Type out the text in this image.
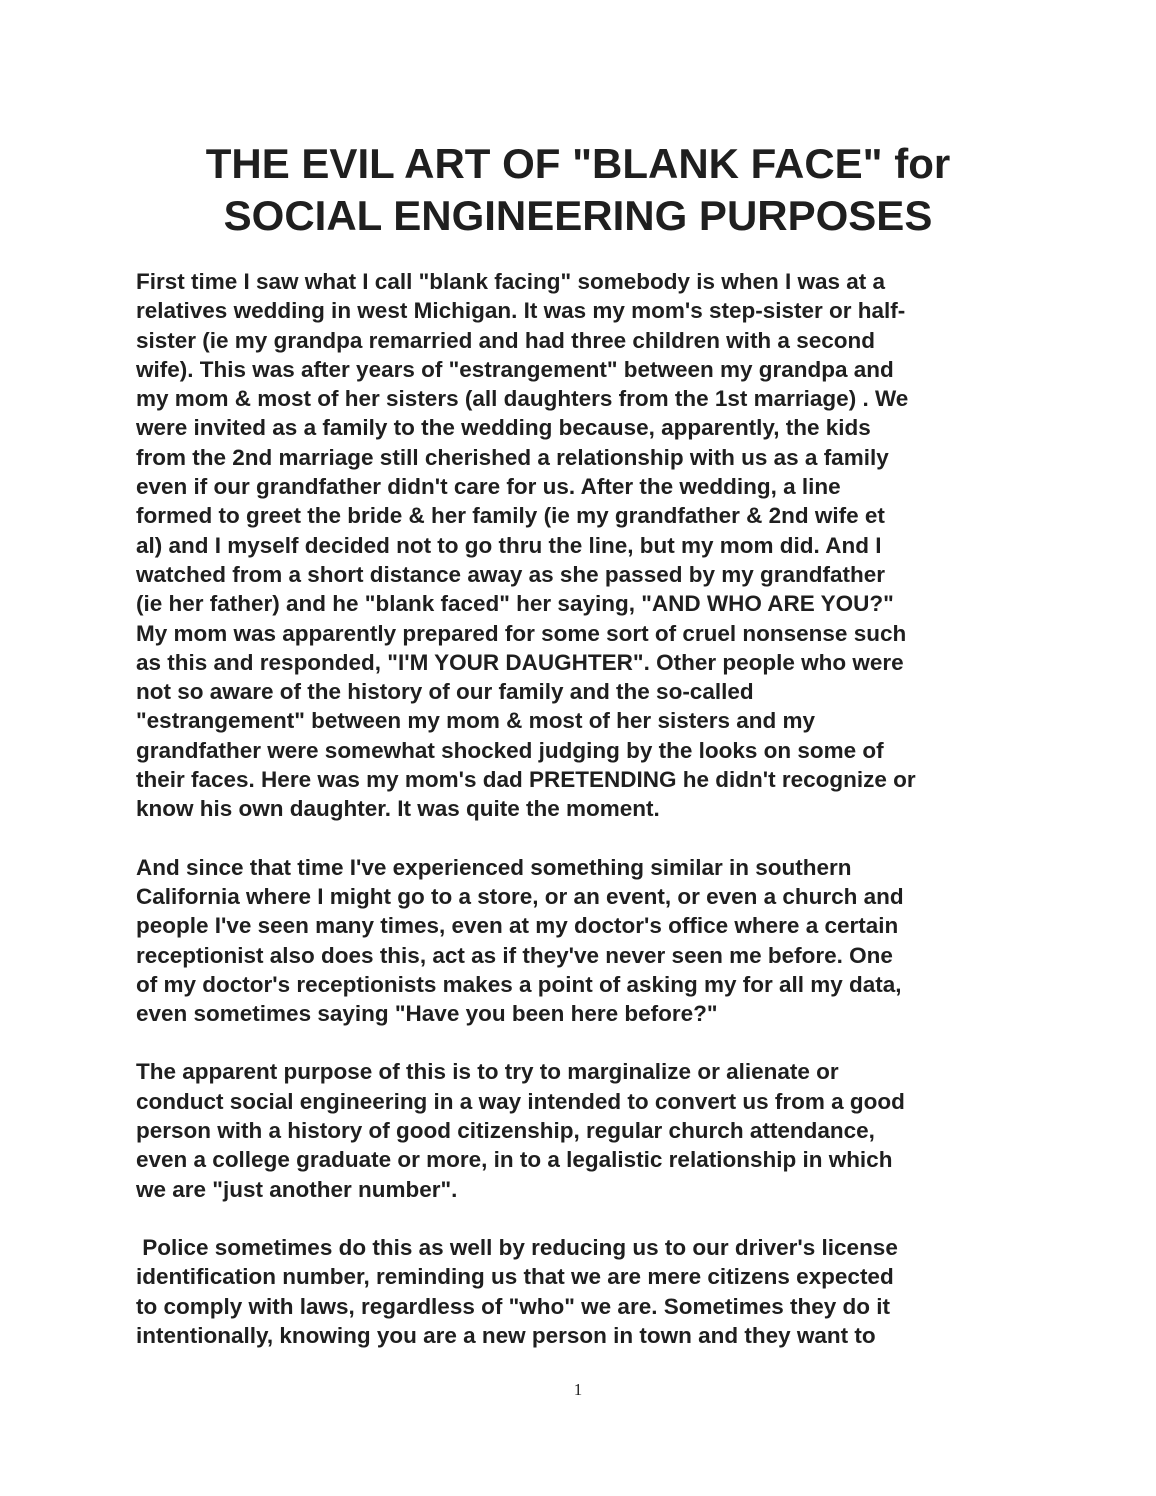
THE EVIL ART OF "BLANK FACE" for
SOCIAL ENGINEERING PURPOSES

First time I saw what I call "blank facing" somebody is when I was at a
relatives wedding in west Michigan. It was my mom's step-sister or half-
sister (ie my grandpa remarried and had three children with a second
wife). This was after years of "estrangement" between my grandpa and
my mom & most of her sisters (all daughters from the 1st marriage) . We
were invited as a family to the wedding because, apparently, the kids
from the 2nd marriage still cherished a relationship with us as a family
even if our grandfather didn't care for us. After the wedding, a line
formed to greet the bride & her family (ie my grandfather & 2nd wife et
al) and I myself decided not to go thru the line, but my mom did. And I
watched from a short distance away as she passed by my grandfather
(ie her father) and he "blank faced" her saying, "AND WHO ARE YOU?"
My mom was apparently prepared for some sort of cruel nonsense such
as this and responded, "I'M YOUR DAUGHTER". Other people who were
not so aware of the history of our family and the so-called
"estrangement" between my mom & most of her sisters and my
grandfather were somewhat shocked judging by the looks on some of
their faces. Here was my mom's dad PRETENDING he didn't recognize or
know his own daughter. It was quite the moment.

And since that time I've experienced something similar in southern
California where I might go to a store, or an event, or even a church and
people I've seen many times, even at my doctor's office where a certain
receptionist also does this, act as if they've never seen me before. One
of my doctor's receptionists makes a point of asking my for all my data,
even sometimes saying "Have you been here before?"

The apparent purpose of this is to try to marginalize or alienate or
conduct social engineering in a way intended to convert us from a good
person with a history of good citizenship, regular church attendance,
even a college graduate or more, in to a legalistic relationship in which
we are "just another number".

Police sometimes do this as well by reducing us to our driver's license
identification number, reminding us that we are mere citizens expected
to comply with laws, regardless of "who" we are. Sometimes they do it
intentionally, knowing you are a new person in town and they want to

1
